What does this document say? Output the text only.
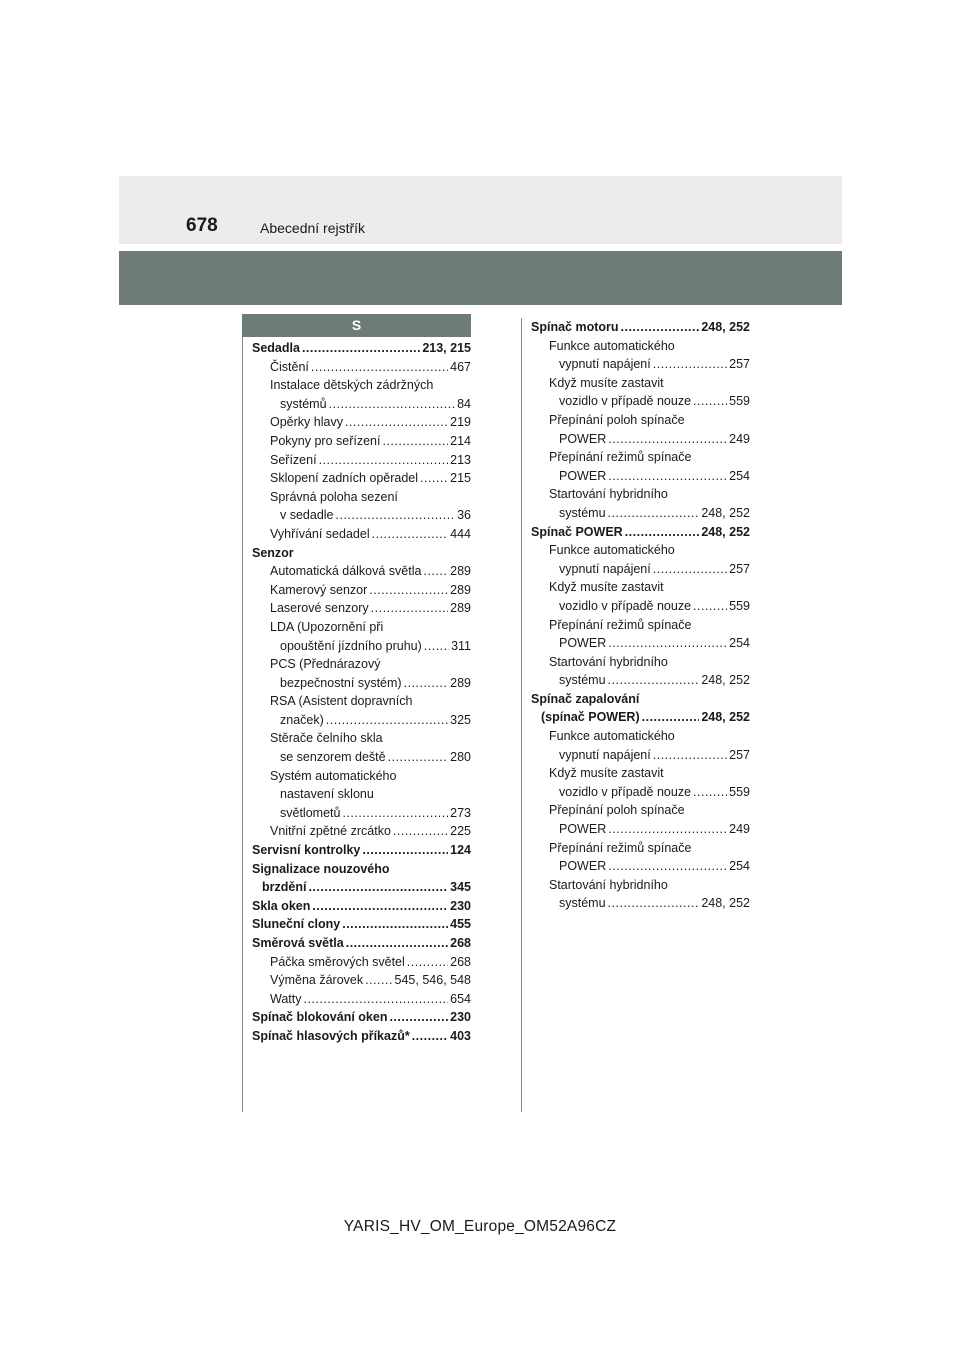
678	Abecední rejstřík
S
Sedadla .....	213, 215
Čistění .....	467
Instalace dětských zádržných
systémů .....	84
Opěrky hlavy .....	219
Pokyny pro seřízení .....	214
Seřízení .....	213
Sklopení zadních opěradel .....	215
Správná poloha sezení
v sedadle .....	36
Vyhřívání sedadel .....	444
Senzor
Automatická dálková světla ..... 289
Kamerový senzor .....	289
Laserové senzory .....	289
LDA (Upozornění při
opouštění jízdního pruhu) ..... 311
PCS (Přednárazový
bezpečnostní systém) .....	289
RSA (Asistent dopravních
značek) .....	325
Stěrače čelního skla
se senzorem deště .....	280
Systém automatického
nastavení sklonu
světlometů .....	273
Vnitřní zpětné zrcátko .....	225
Servisní kontrolky .....	124
Signalizace nouzového
brzdění .....	345
Skla oken .....	230
Sluneční clony .....	455
Směrová světla .....	268
Páčka směrových světel .....	268
Výměna žárovek .....	545, 546, 548
Watty .....	654
Spínač blokování oken .....	230
Spínač hlasových příkazů* .....	403
Spínač motoru .....	248, 252
Funkce automatického
vypnutí napájení .....	257
Když musíte zastavit
vozidlo v případě nouze .....	559
Přepínání poloh spínače
POWER .....	249
Přepínání režimů spínače
POWER .....	254
Startování hybridního
systému .....	248, 252
Spínač POWER .....	248, 252
Funkce automatického
vypnutí napájení .....	257
Když musíte zastavit
vozidlo v případě nouze .....	559
Přepínání režimů spínače
POWER .....	254
Startování hybridního
systému .....	248, 252
Spínač zapalování
(spínač POWER) .....	248, 252
Funkce automatického
vypnutí napájení .....	257
Když musíte zastavit
vozidlo v případě nouze .....	559
Přepínání poloh spínače
POWER .....	249
Přepínání režimů spínače
POWER .....	254
Startování hybridního
systému .....	248, 252
YARIS_HV_OM_Europe_OM52A96CZ
